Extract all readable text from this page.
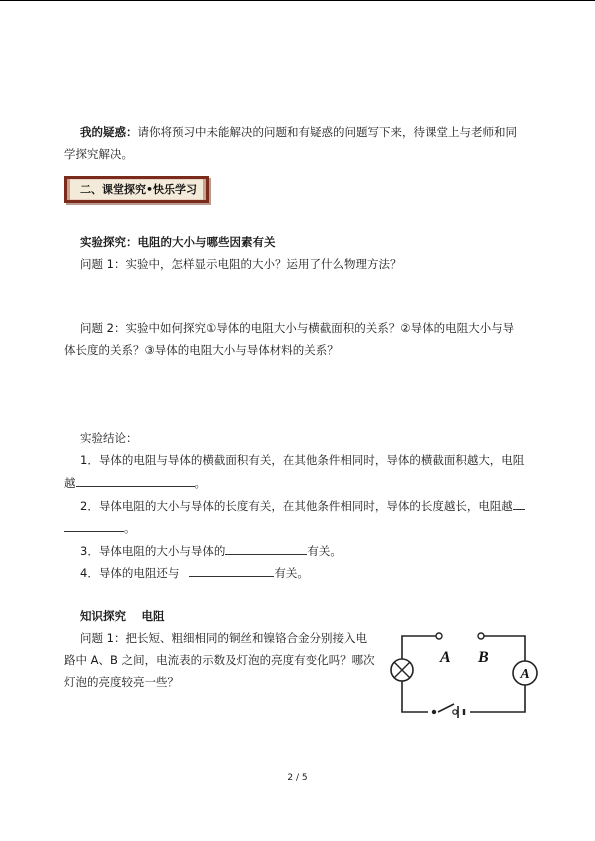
我的疑惑：请你将预习中未能解决的问题和有疑惑的问题写下来，待课堂上与老师和同
学探究解决。
二、课堂探究•快乐学习
实验探究：电阻的大小与哪些因素有关
问题 1：实验中，怎样显示电阻的大小？运用了什么物理方法？
问题 2：实验中如何探究①导体的电阻大小与横截面积的关系？②导体的电阻大小与导
体长度的关系？③导体的电阻大小与导体材料的关系？
实验结论：
1．导体的电阻与导体的横截面积有关，在其他条件相同时，导体的横截面积越大，电阻
越	。
2．导体电阻的大小与导体的长度有关，在其他条件相同时，导体的长度越长，电阻越
。
3．导体电阻的大小与导体的	有关。
4．导体的电阻还与	有关。
知识探究　 电阻
问题 1：把长短、粗细相同的铜丝和镍铬合金分别接入电
路中 A、B 之间，电流表的示数及灯泡的亮度有变化吗？哪次
灯泡的亮度较亮一些？	A
A B
2 / 5
